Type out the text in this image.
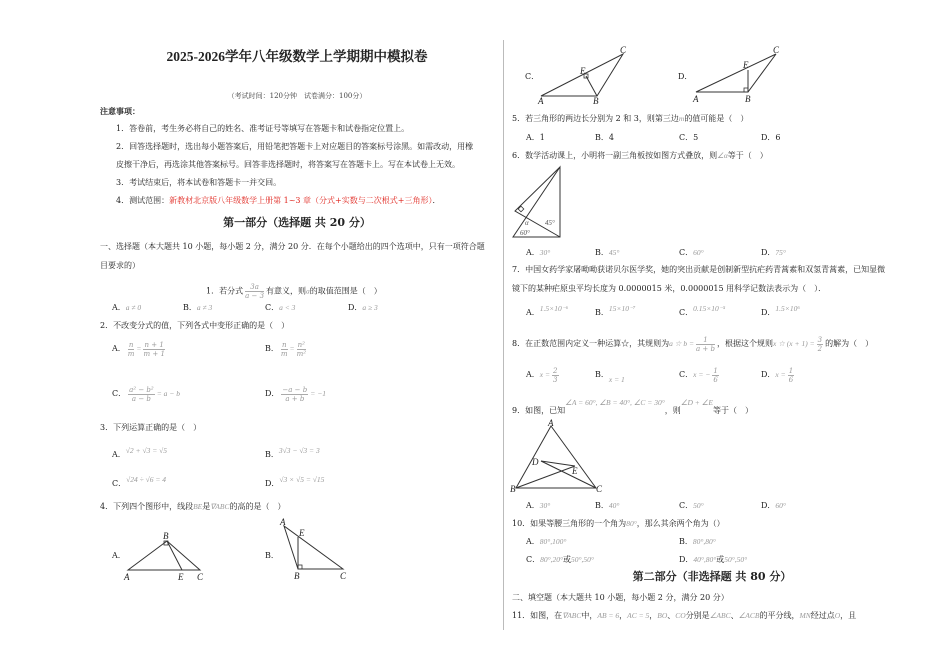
2025-2026学年八年级数学上学期期中模拟卷
（考试时间：120分钟　试卷满分：100分）
注意事项：
1．答卷前，考生务必将自己的姓名、准考证号等填写在答题卡和试卷指定位置上。
2．回答选择题时，选出每小题答案后，用铅笔把答题卡上对应题目的答案标号涂黑。如需改动，用橡
皮擦干净后，再选涂其他答案标号。回答非选择题时，将答案写在答题卡上。写在本试卷上无效。
3．考试结束后，将本试卷和答题卡一并交回。
4．测试范围：新教材北京版八年级数学上册第 1~3 章（分式+实数与二次根式+三角形）．
第一部分（选择题 共 20 分）
一、选择题（本大题共 10 小题，每小题 2 分，满分 20 分．在每个小题给出的四个选项中，只有一项符合题
目要求的）
1．若分式 $\frac{3a}{a - 3}$ 有意义，则a的取值范围是（　）
A．a ≠ 0	B．a ≠ 3	C．a < 3	D．a ≥ 3
2．不改变分式的值，下列各式中变形正确的是（　）
A． $\frac{n}{m} = \frac{n + 1}{m + 1}$	B． $\frac{n}{m} = \frac{\text{n²}}{\text{m²}}$
C． $\frac{\text{a² − b²}}{a - b} = a - b$	D． $\frac{-a - b}{a + b} = -1$
3．下列运算正确的是（　）
A．√2 + √3 = √5	B．3√3 − √3 = 3
C．√24 ÷ √6 = 4	D．√3 × √5 = √15
4．下列四个图形中，线段BE是∇ABC的高的是（　）
A．
B
A	E C
B．
A
E
B	C
C．
A
E
B
C
D．
A
E
B
C
5．若三角形的两边长分别为 2 和 3，则第三边m的值可能是（　）
A．1	B．4	C．5	D．6
6．数学活动课上，小明将一副三角板按如图方式叠放，则∠α等于（　）
α
60°
45°
A．30°	B．45°	C．60°	D．75°
7．中国女药学家屠呦呦获诺贝尔医学奖，她的突出贡献是创制新型抗疟药青蒿素和双氢青蒿素，已知显微
镜下的某种疟原虫平均长度为 0.0000015 米，0.0000015 用科学记数法表示为（　）．
A．1.5×10⁻⁶	B．15×10⁻⁷	C．0.15×10⁻⁵	D．1.5×10⁶
8．在正数范围内定义一种运算☆，其规则为a ☆ $b = \frac{1}{a + b}$ ，根据这个规则x ☆ $(x + 1) = \frac{3}{2}$ 的解为（　）
A．$x = \frac{2}{3}$	B．x = 1
C．x = − $\frac{1}{6}$	D．$x = \frac{1}{6}$
9．如图，已知∠A = 60°, ∠B = 40°, ∠C = 30°，则∠D + ∠E等于（　）
A
B	C
D
E
A．30°	B．40°	C．50°	D．60°
10．如果等腰三角形的一个角为80°，那么其余两个角为（）
A．80°,100°	B．80°,80°
C．80°,20°或50°,50°	D．40°,80°或50°,50°
第二部分（非选择题 共 80 分）
二、填空题（本大题共 10 小题，每小题 2 分，满分 20 分）
11．如图，在∇ABC中，AB = 6，AC = 5，BO、CO分别是∠ABC、∠ACB的平分线，MN经过点O，且
